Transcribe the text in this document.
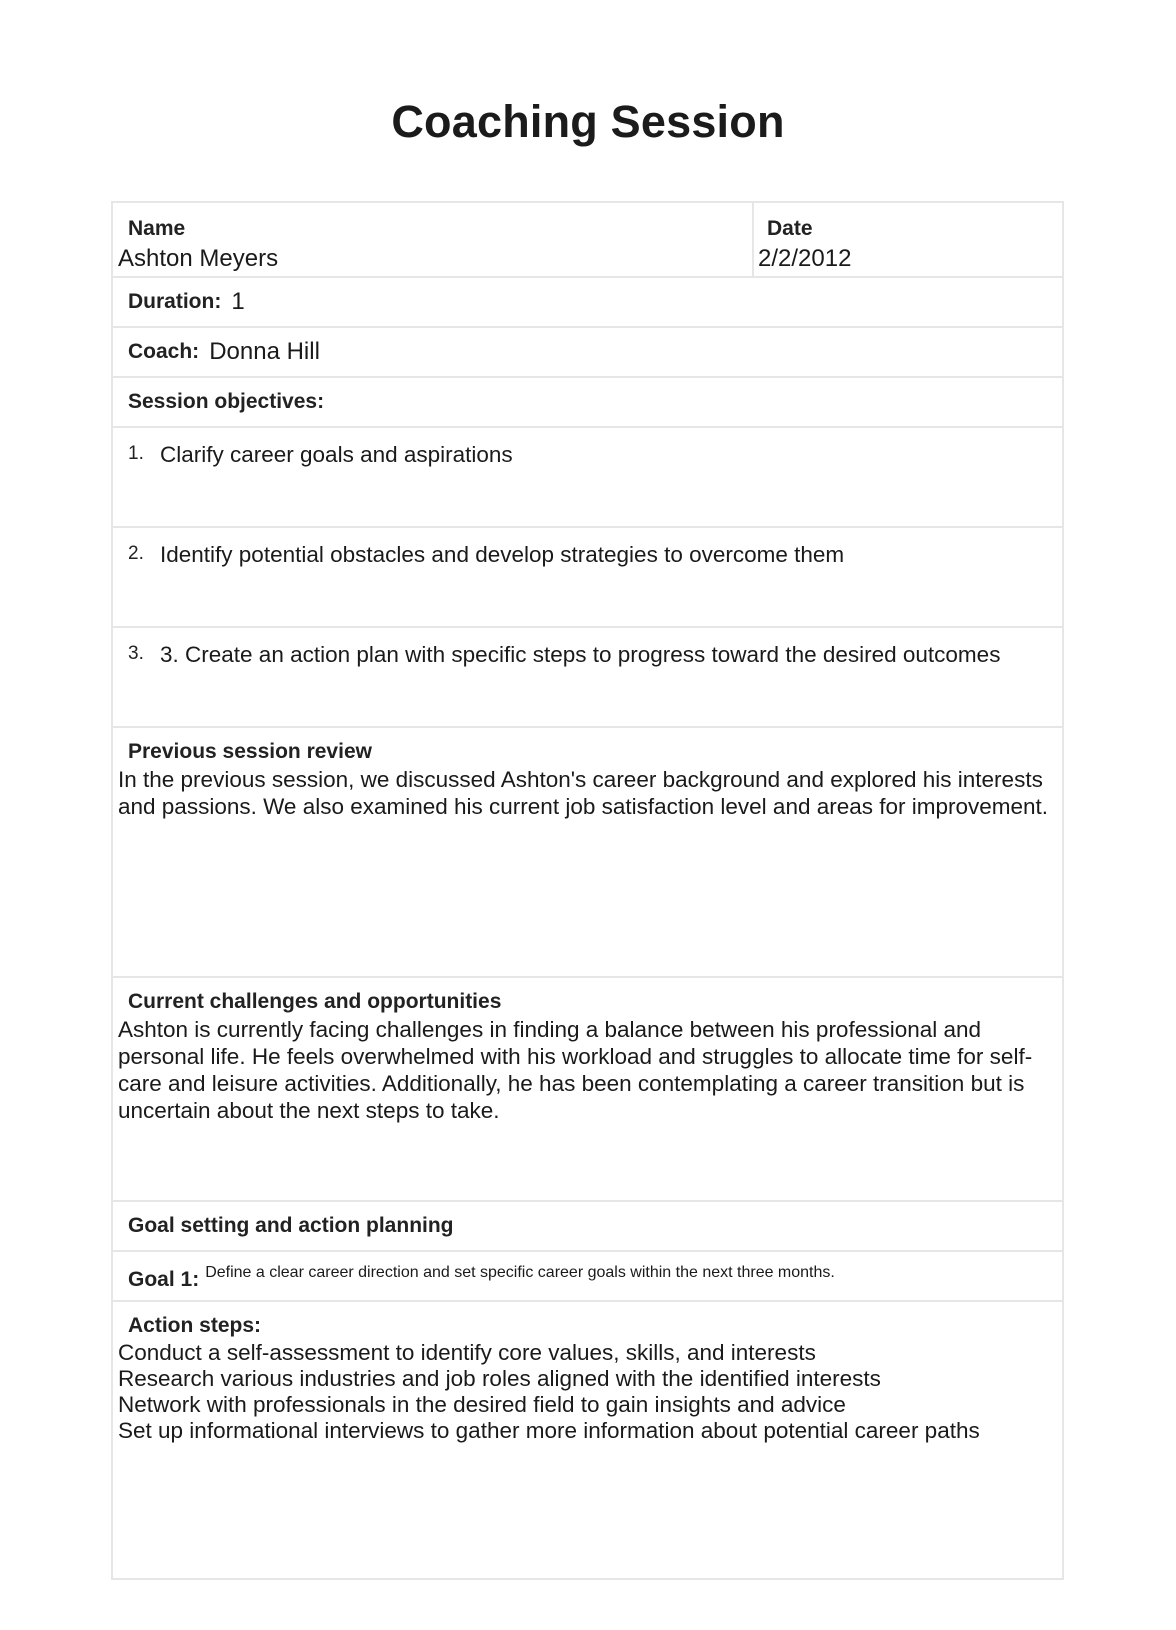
Coaching Session
Name
Ashton Meyers
Date
2/2/2012
Duration: 1
Coach: Donna Hill
Session objectives:
1. Clarify career goals and aspirations
2. Identify potential obstacles and develop strategies to overcome them
3. 3. Create an action plan with specific steps to progress toward the desired outcomes
Previous session review
In the previous session, we discussed Ashton's career background and explored his interests and passions. We also examined his current job satisfaction level and areas for improvement.
Current challenges and opportunities
Ashton is currently facing challenges in finding a balance between his professional and personal life. He feels overwhelmed with his workload and struggles to allocate time for self-care and leisure activities. Additionally, he has been contemplating a career transition but is uncertain about the next steps to take.
Goal setting and action planning
Goal 1: Define a clear career direction and set specific career goals within the next three months.
Action steps:
Conduct a self-assessment to identify core values, skills, and interests
Research various industries and job roles aligned with the identified interests
Network with professionals in the desired field to gain insights and advice
Set up informational interviews to gather more information about potential career paths
